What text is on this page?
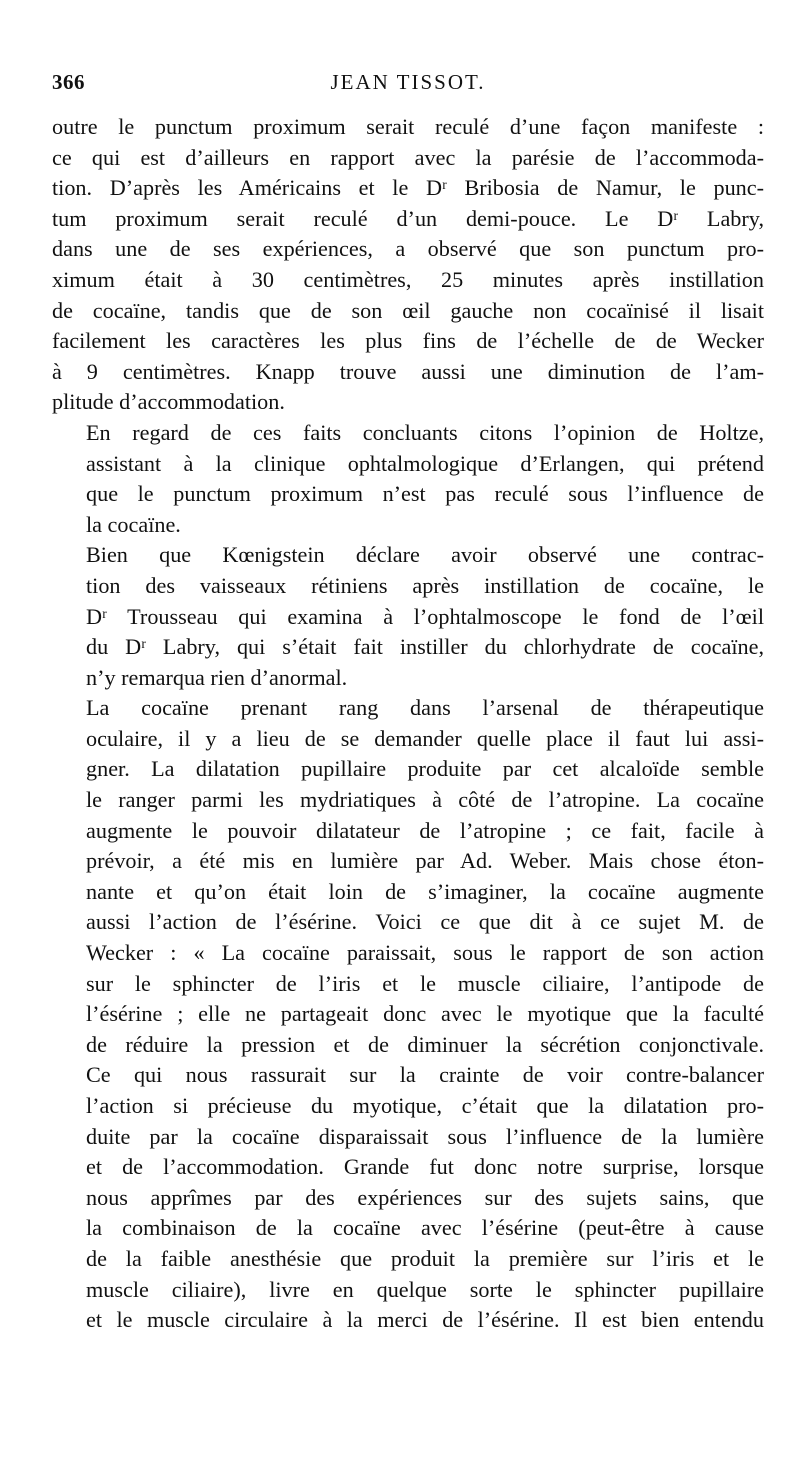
366	JEAN TISSOT.

outre le punctum proximum serait reculé d’une façon manifeste :
ce qui est d’ailleurs en rapport avec la parésie de l’accommoda-
tion. D’après les Américains et le Dʳ Bribosia de Namur, le punc-
tum proximum serait reculé d’un demi-pouce. Le Dʳ Labry,
dans une de ses expériences, a observé que son punctum pro-
ximum était à 30 centimètres, 25 minutes après instillation
de cocaïne, tandis que de son œil gauche non cocaïnisé il lisait
facilement les caractères les plus fins de l’échelle de de Wecker
à 9 centimètres. Knapp trouve aussi une diminution de l’am-
plitude d’accommodation.

En regard de ces faits concluants citons l’opinion de Holtze,
assistant à la clinique ophtalmologique d’Erlangen, qui prétend
que le punctum proximum n’est pas reculé sous l’influence de
la cocaïne.

Bien que Kœnigstein déclare avoir observé une contrac-
tion des vaisseaux rétiniens après instillation de cocaïne, le
Dʳ Trousseau qui examina à l’ophtalmoscope le fond de l’œil
du Dʳ Labry, qui s’était fait instiller du chlorhydrate de cocaïne,
n’y remarqua rien d’anormal.

La cocaïne prenant rang dans l’arsenal de thérapeutique
oculaire, il y a lieu de se demander quelle place il faut lui assi-
gner. La dilatation pupillaire produite par cet alcaloïde semble
le ranger parmi les mydriatiques à côté de l’atropine. La cocaïne
augmente le pouvoir dilatateur de l’atropine ; ce fait, facile à
prévoir, a été mis en lumière par Ad. Weber. Mais chose éton-
nante et qu’on était loin de s’imaginer, la cocaïne augmente
aussi l’action de l’ésérine. Voici ce que dit à ce sujet M. de
Wecker : « La cocaïne paraissait, sous le rapport de son action
sur le sphincter de l’iris et le muscle ciliaire, l’antipode de
l’ésérine ; elle ne partageait donc avec le myotique que la faculté
de réduire la pression et de diminuer la sécrétion conjonctivale.
Ce qui nous rassurait sur la crainte de voir contre-balancer
l’action si précieuse du myotique, c’était que la dilatation pro-
duite par la cocaïne disparaissait sous l’influence de la lumière
et de l’accommodation. Grande fut donc notre surprise, lorsque
nous apprîmes par des expériences sur des sujets sains, que
la combinaison de la cocaïne avec l’ésérine (peut-être à cause
de la faible anesthésie que produit la première sur l’iris et le
muscle ciliaire), livre en quelque sorte le sphincter pupillaire
et le muscle circulaire à la merci de l’ésérine. Il est bien entendu
